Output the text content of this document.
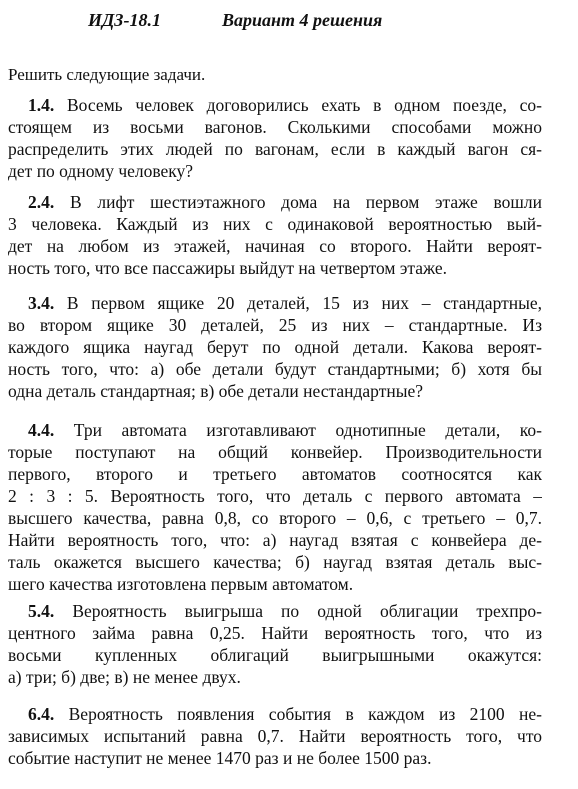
ИДЗ-18.1	Вариант 4 решения
Решить следующие задачи.
1.4. Восемь человек договорились ехать в одном поезде, со-
стоящем из восьми вагонов. Сколькими способами можно
распределить этих людей по вагонам, если в каждый вагон ся-
дет по одному человеку?
2.4. В лифт шестиэтажного дома на первом этаже вошли
3 человека. Каждый из них с одинаковой вероятностью вый-
дет на любом из этажей, начиная со второго. Найти вероят-
ность того, что все пассажиры выйдут на четвертом этаже.
3.4. В первом ящике 20 деталей, 15 из них – стандартные,
во втором ящике 30 деталей, 25 из них – стандартные. Из
каждого ящика наугад берут по одной детали. Какова вероят-
ность того, что: а) обе детали будут стандартными; б) хотя бы
одна деталь стандартная; в) обе детали нестандартные?
4.4. Три автомата изготавливают однотипные детали, ко-
торые поступают на общий конвейер. Производительности
первого, второго и третьего автоматов соотносятся как
2 : 3 : 5. Вероятность того, что деталь с первого автомата –
высшего качества, равна 0,8, со второго – 0,6, с третьего – 0,7.
Найти вероятность того, что: а) наугад взятая с конвейера де-
таль окажется высшего качества; б) наугад взятая деталь выс-
шего качества изготовлена первым автоматом.
5.4. Вероятность выигрыша по одной облигации трехпро-
центного займа равна 0,25. Найти вероятность того, что из
восьми купленных облигаций выигрышными окажутся:
а) три; б) две; в) не менее двух.
6.4. Вероятность появления события в каждом из 2100 не-
зависимых испытаний равна 0,7. Найти вероятность того, что
событие наступит не менее 1470 раз и не более 1500 раз.
